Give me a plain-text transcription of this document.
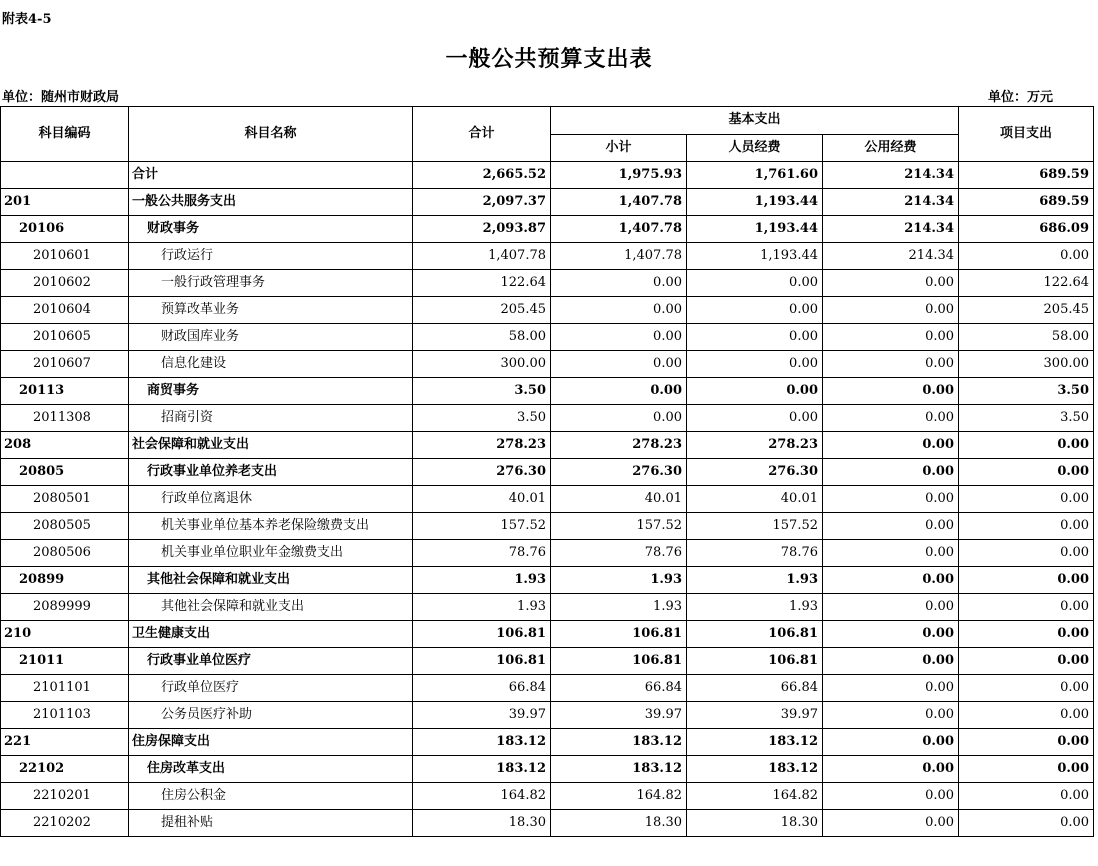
附表4-5
一般公共预算支出表
单位：随州市财政局	单位：万元
科目编码	科目名称	合计	基本支出			项目支出
			小计	人员经费	公用经费	
	合计	2,665.52	1,975.93	1,761.60	214.34	689.59
201	一般公共服务支出	2,097.37	1,407.78	1,193.44	214.34	689.59
20106	财政事务	2,093.87	1,407.78	1,193.44	214.34	686.09
2010601	行政运行	1,407.78	1,407.78	1,193.44	214.34	0.00
2010602	一般行政管理事务	122.64	0.00	0.00	0.00	122.64
2010604	预算改革业务	205.45	0.00	0.00	0.00	205.45
2010605	财政国库业务	58.00	0.00	0.00	0.00	58.00
2010607	信息化建设	300.00	0.00	0.00	0.00	300.00
20113	商贸事务	3.50	0.00	0.00	0.00	3.50
2011308	招商引资	3.50	0.00	0.00	0.00	3.50
208	社会保障和就业支出	278.23	278.23	278.23	0.00	0.00
20805	行政事业单位养老支出	276.30	276.30	276.30	0.00	0.00
2080501	行政单位离退休	40.01	40.01	40.01	0.00	0.00
2080505	机关事业单位基本养老保险缴费支出	157.52	157.52	157.52	0.00	0.00
2080506	机关事业单位职业年金缴费支出	78.76	78.76	78.76	0.00	0.00
20899	其他社会保障和就业支出	1.93	1.93	1.93	0.00	0.00
2089999	其他社会保障和就业支出	1.93	1.93	1.93	0.00	0.00
210	卫生健康支出	106.81	106.81	106.81	0.00	0.00
21011	行政事业单位医疗	106.81	106.81	106.81	0.00	0.00
2101101	行政单位医疗	66.84	66.84	66.84	0.00	0.00
2101103	公务员医疗补助	39.97	39.97	39.97	0.00	0.00
221	住房保障支出	183.12	183.12	183.12	0.00	0.00
22102	住房改革支出	183.12	183.12	183.12	0.00	0.00
2210201	住房公积金	164.82	164.82	164.82	0.00	0.00
2210202	提租补贴	18.30	18.30	18.30	0.00	0.00
